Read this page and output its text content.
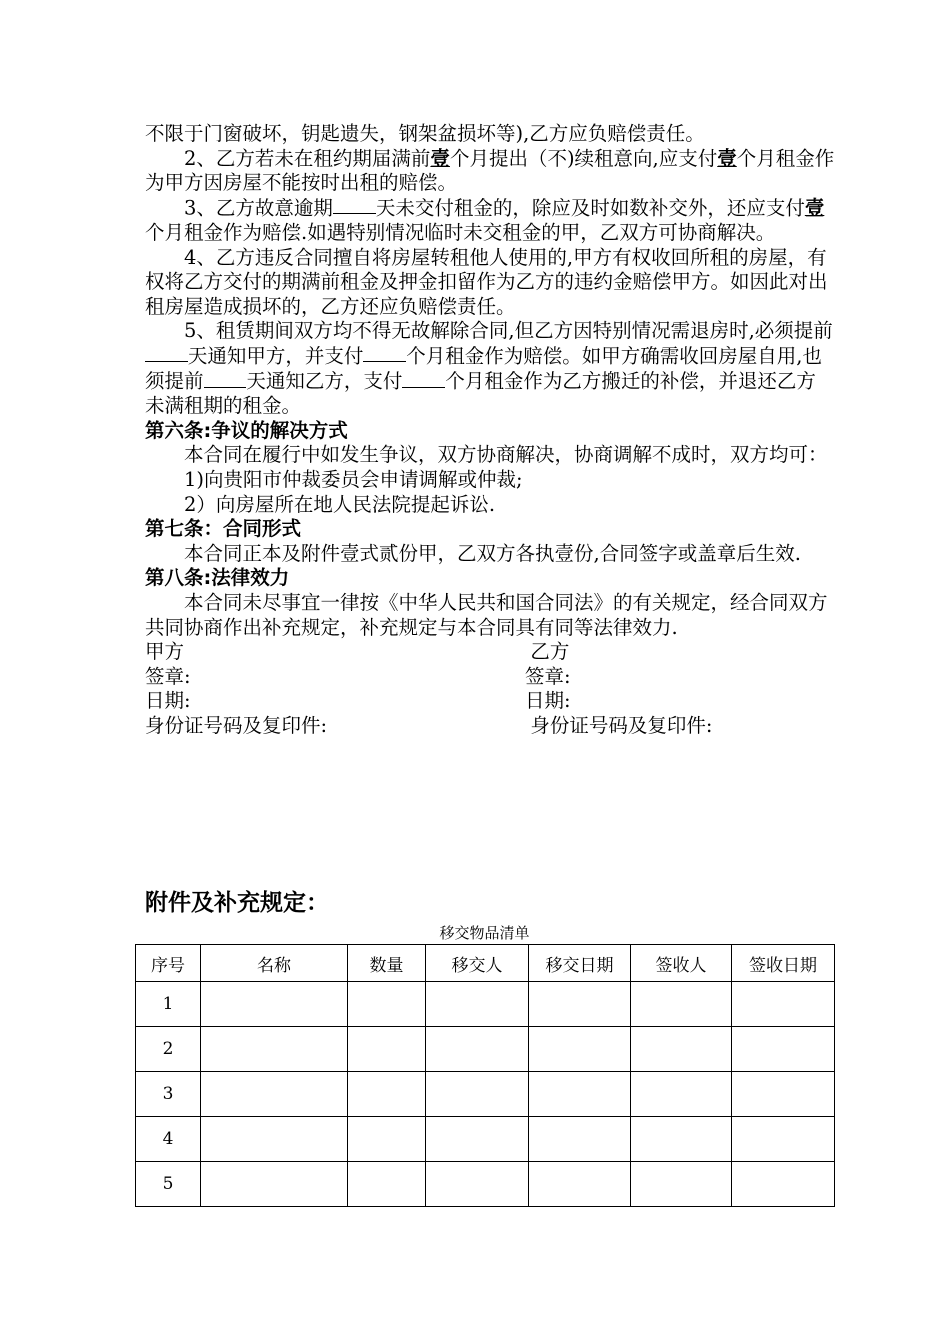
不限于门窗破坏，钥匙遗失，钢架盆损坏等),乙方应负赔偿责任。

2、乙方若未在租约期届满前壹个月提出（不)续租意向,应支付壹个月租金作为甲方因房屋不能按时出租的赔偿。

3、乙方故意逾期 天未交付租金的，除应及时如数补交外，还应支付壹个月租金作为赔偿.如遇特别情况临时未交租金的甲，乙双方可协商解决。

4、乙方违反合同擅自将房屋转租他人使用的,甲方有权收回所租的房屋，有权将乙方交付的期满前租金及押金扣留作为乙方的违约金赔偿甲方。如因此对出租房屋造成损坏的，乙方还应负赔偿责任。

5、租赁期间双方均不得无故解除合同,但乙方因特别情况需退房时,必须提前天通知甲方，并支付 个月租金作为赔偿。如甲方确需收回房屋自用,也须提前 天通知乙方，支付 个月租金作为乙方搬迁的补偿，并退还乙方未满租期的租金。

第六条:争议的解决方式

本合同在履行中如发生争议，双方协商解决，协商调解不成时，双方均可：

1)向贵阳市仲裁委员会申请调解或仲裁;

2）向房屋所在地人民法院提起诉讼.

第七条：合同形式

本合同正本及附件壹式贰份甲，乙双方各执壹份,合同签字或盖章后生效.

第八条:法律效力

本合同未尽事宜一律按《中华人民共和国合同法》的有关规定，经合同双方共同协商作出补充规定，补充规定与本合同具有同等法律效力.

甲方	乙方
签章:	签章:
日期:	日期:
身份证号码及复印件:	身份证号码及复印件:
附件及补充规定：
移交物品清单
序号	名称	数量	移交人	移交日期	签收人	签收日期
1						
2						
3						
4						
5						
